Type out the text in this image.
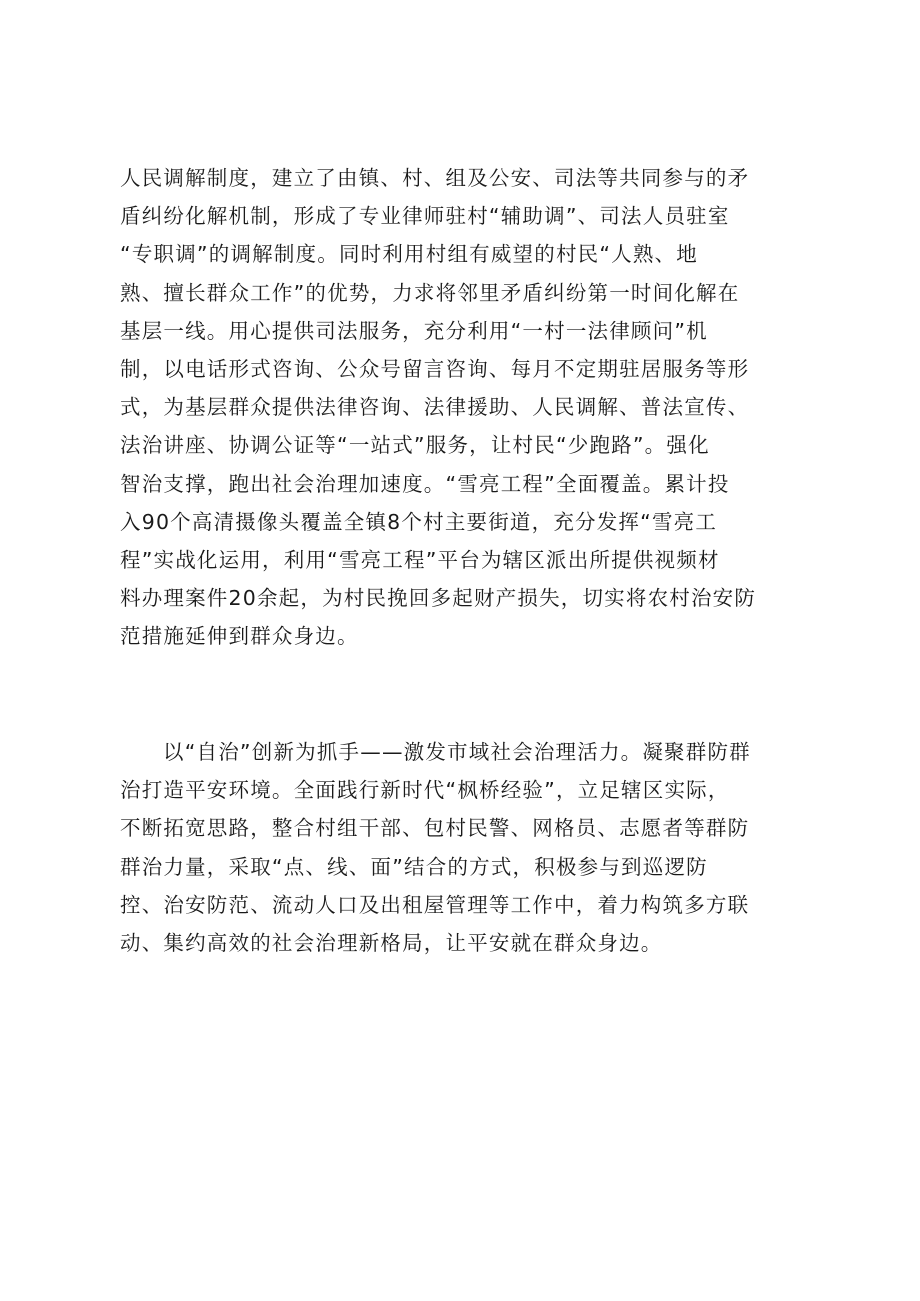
人民调解制度，建立了由镇、村、组及公安、司法等共同参与的矛
盾纠纷化解机制，形成了专业律师驻村“辅助调”、司法人员驻室
“专职调”的调解制度。同时利用村组有威望的村民“人熟、地
熟、擅长群众工作”的优势，力求将邻里矛盾纠纷第一时间化解在
基层一线。用心提供司法服务，充分利用“一村一法律顾问”机
制，以电话形式咨询、公众号留言咨询、每月不定期驻居服务等形
式，为基层群众提供法律咨询、法律援助、人民调解、普法宣传、
法治讲座、协调公证等“一站式”服务，让村民“少跑路”。强化
智治支撑，跑出社会治理加速度。“雪亮工程”全面覆盖。累计投
入90个高清摄像头覆盖全镇8个村主要街道，充分发挥“雪亮工
程”实战化运用，利用“雪亮工程”平台为辖区派出所提供视频材
料办理案件20余起，为村民挽回多起财产损失，切实将农村治安防
范措施延伸到群众身边。
以“自治”创新为抓手——激发市域社会治理活力。凝聚群防群
治打造平安环境。全面践行新时代“枫桥经验”，立足辖区实际，
不断拓宽思路，整合村组干部、包村民警、网格员、志愿者等群防
群治力量，采取“点、线、面”结合的方式，积极参与到巡逻防
控、治安防范、流动人口及出租屋管理等工作中，着力构筑多方联
动、集约高效的社会治理新格局，让平安就在群众身边。
